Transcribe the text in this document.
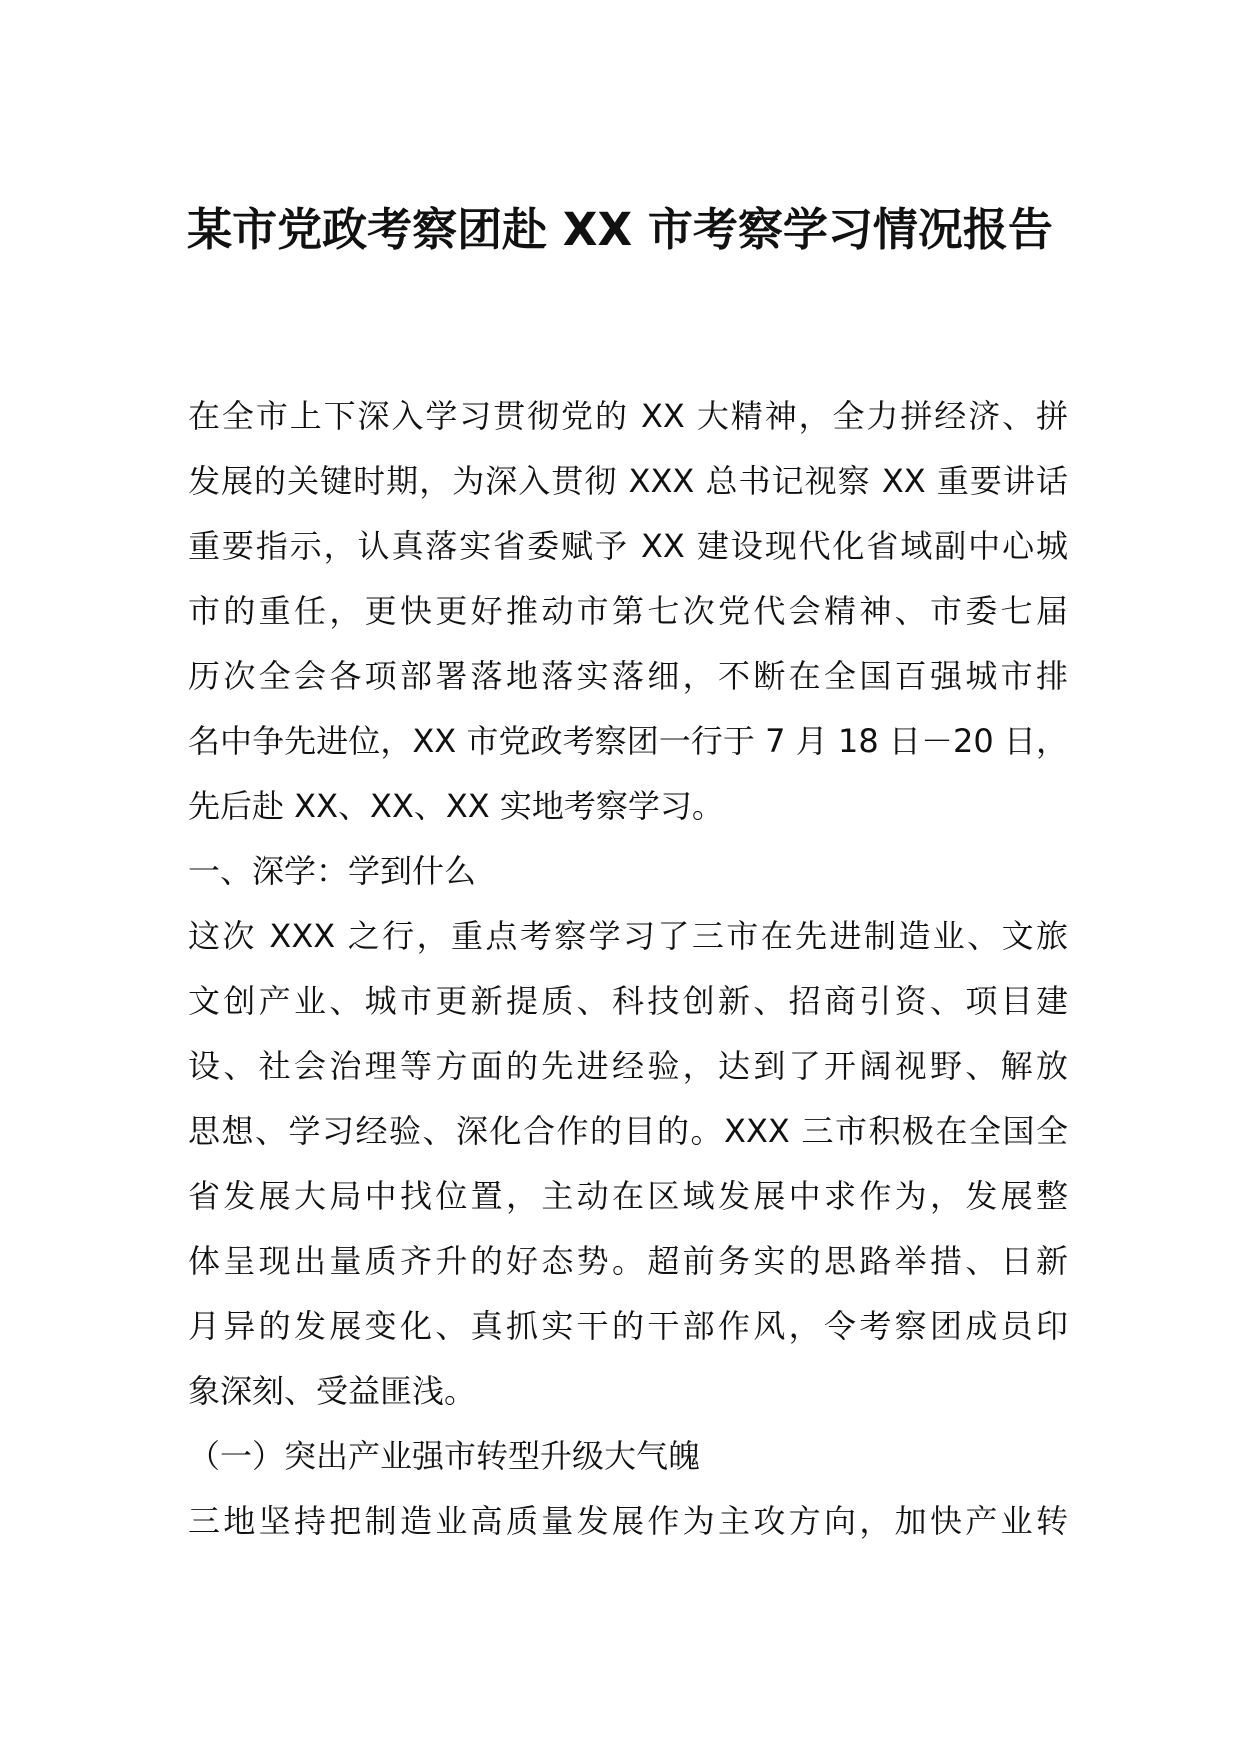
某市党政考察团赴 XX 市考察学习情况报告
在全市上下深入学习贯彻党的 XX 大精神，全力拼经济、拼
发展的关键时期，为深入贯彻 XXX 总书记视察 XX 重要讲话
重要指示，认真落实省委赋予 XX 建设现代化省域副中心城
市的重任，更快更好推动市第七次党代会精神、市委七届
历次全会各项部署落地落实落细，不断在全国百强城市排
名中争先进位，XX 市党政考察团一行于 7 月 18 日－20 日，
先后赴 XX、XX、XX 实地考察学习。
一、深学：学到什么
这次 XXX 之行，重点考察学习了三市在先进制造业、文旅
文创产业、城市更新提质、科技创新、招商引资、项目建
设、社会治理等方面的先进经验，达到了开阔视野、解放
思想、学习经验、深化合作的目的。XXX 三市积极在全国全
省发展大局中找位置，主动在区域发展中求作为，发展整
体呈现出量质齐升的好态势。超前务实的思路举措、日新
月异的发展变化、真抓实干的干部作风，令考察团成员印
象深刻、受益匪浅。
（一）突出产业强市转型升级大气魄
三地坚持把制造业高质量发展作为主攻方向，加快产业转
